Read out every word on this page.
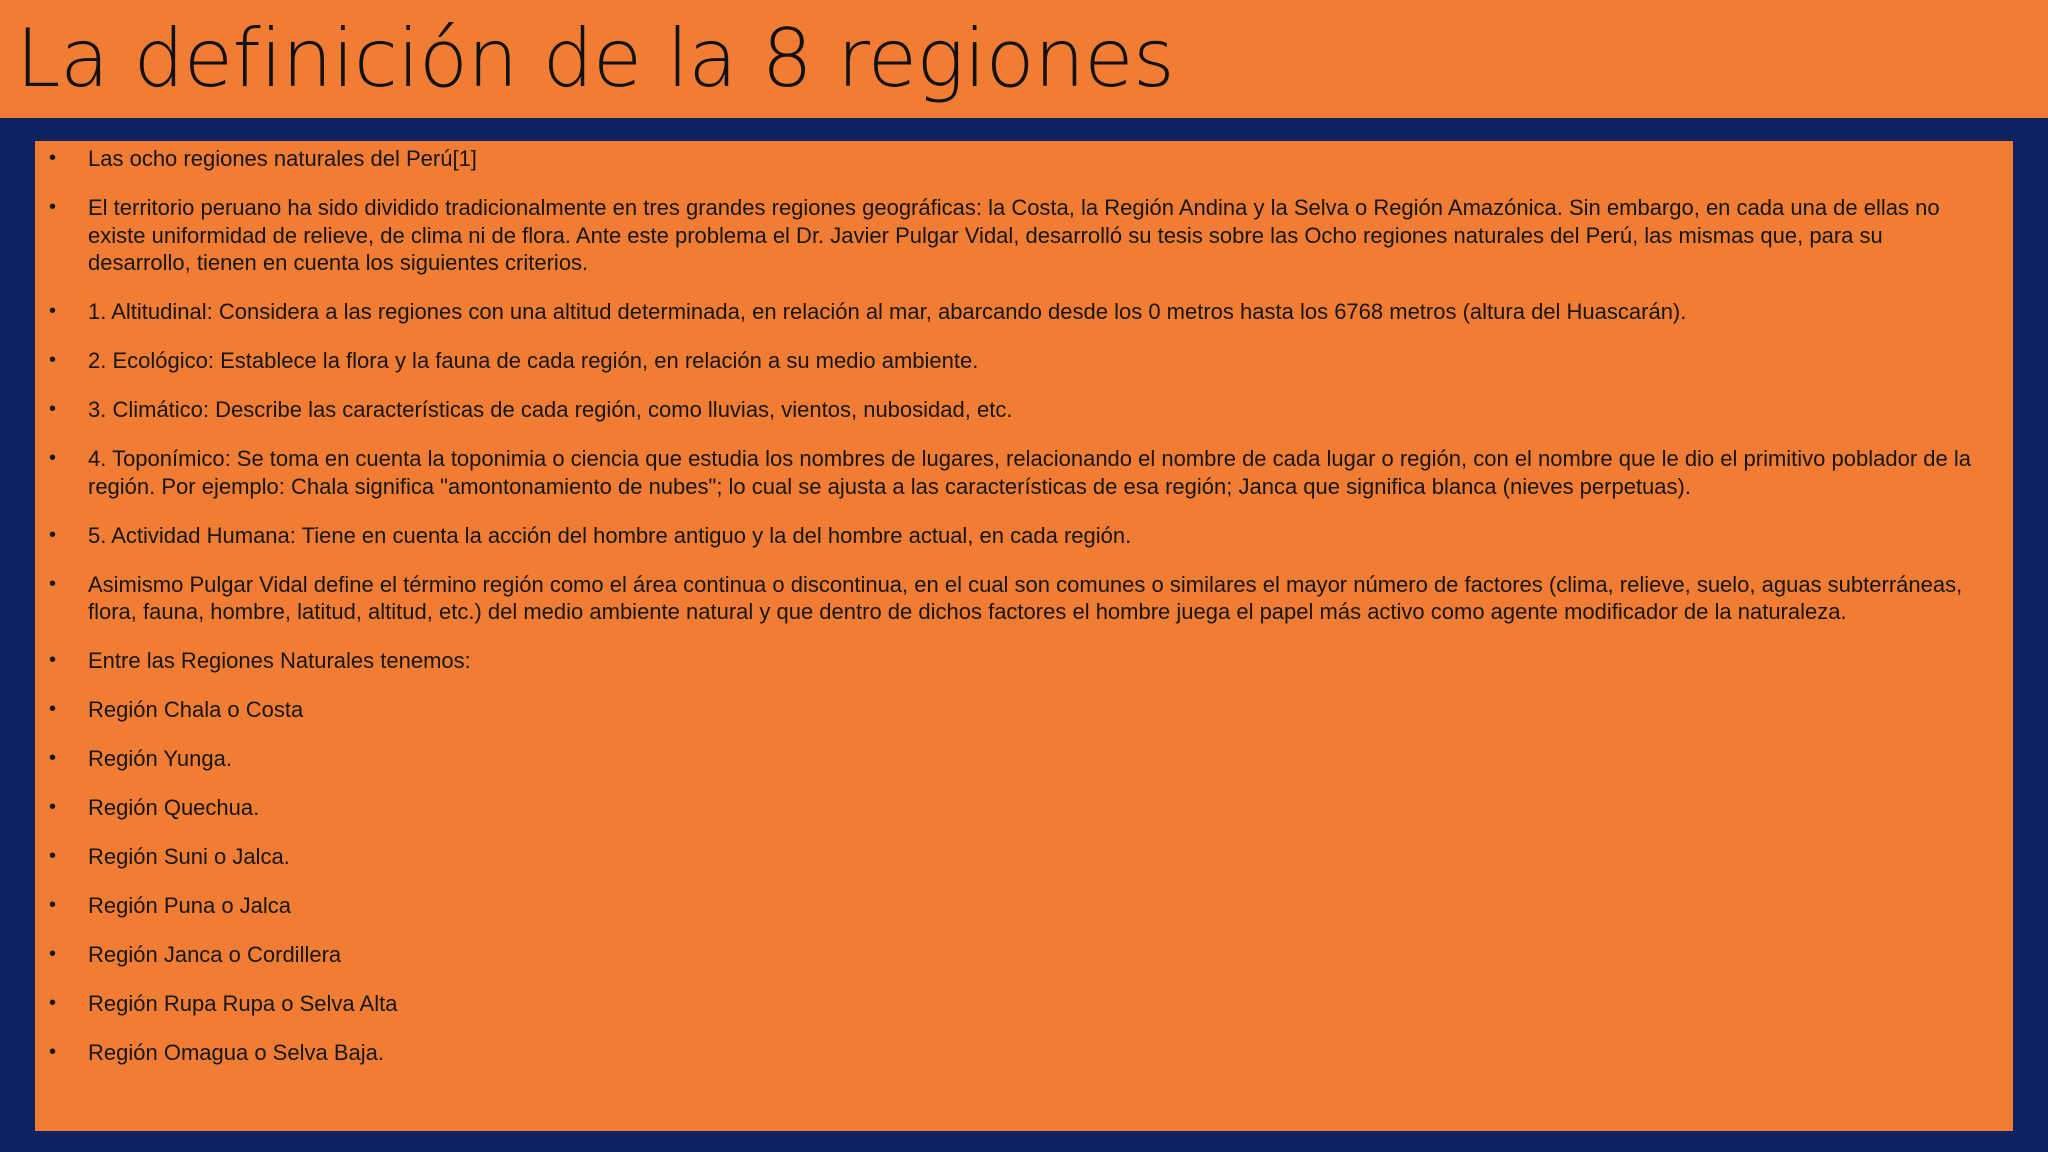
La definición de la 8 regiones
• Las ocho regiones naturales del Perú[1]
• El territorio peruano ha sido dividido tradicionalmente en tres grandes regiones geográficas: la Costa, la Región Andina y la Selva o Región Amazónica. Sin embargo, en cada una de ellas no existe uniformidad de relieve, de clima ni de flora. Ante este problema el Dr. Javier Pulgar Vidal, desarrolló su tesis sobre las Ocho regiones naturales del Perú, las mismas que, para su desarrollo, tienen en cuenta los siguientes criterios.
• 1. Altitudinal: Considera a las regiones con una altitud determinada, en relación al mar, abarcando desde los 0 metros hasta los 6768 metros (altura del Huascarán).
• 2. Ecológico: Establece la flora y la fauna de cada región, en relación a su medio ambiente.
• 3. Climático: Describe las características de cada región, como lluvias, vientos, nubosidad, etc.
• 4. Toponímico: Se toma en cuenta la toponimia o ciencia que estudia los nombres de lugares, relacionando el nombre de cada lugar o región, con el nombre que le dio el primitivo poblador de la región. Por ejemplo: Chala significa "amontonamiento de nubes"; lo cual se ajusta a las características de esa región; Janca que significa blanca (nieves perpetuas).
• 5. Actividad Humana: Tiene en cuenta la acción del hombre antiguo y la del hombre actual, en cada región.
• Asimismo Pulgar Vidal define el término región como el área continua o discontinua, en el cual son comunes o similares el mayor número de factores (clima, relieve, suelo, aguas subterráneas, flora, fauna, hombre, latitud, altitud, etc.) del medio ambiente natural y que dentro de dichos factores el hombre juega el papel más activo como agente modificador de la naturaleza.
• Entre las Regiones Naturales tenemos:
• Región Chala o Costa
• Región Yunga.
• Región Quechua.
• Región Suni o Jalca.
• Región Puna o Jalca
• Región Janca o Cordillera
• Región Rupa Rupa o Selva Alta
• Región Omagua o Selva Baja.
